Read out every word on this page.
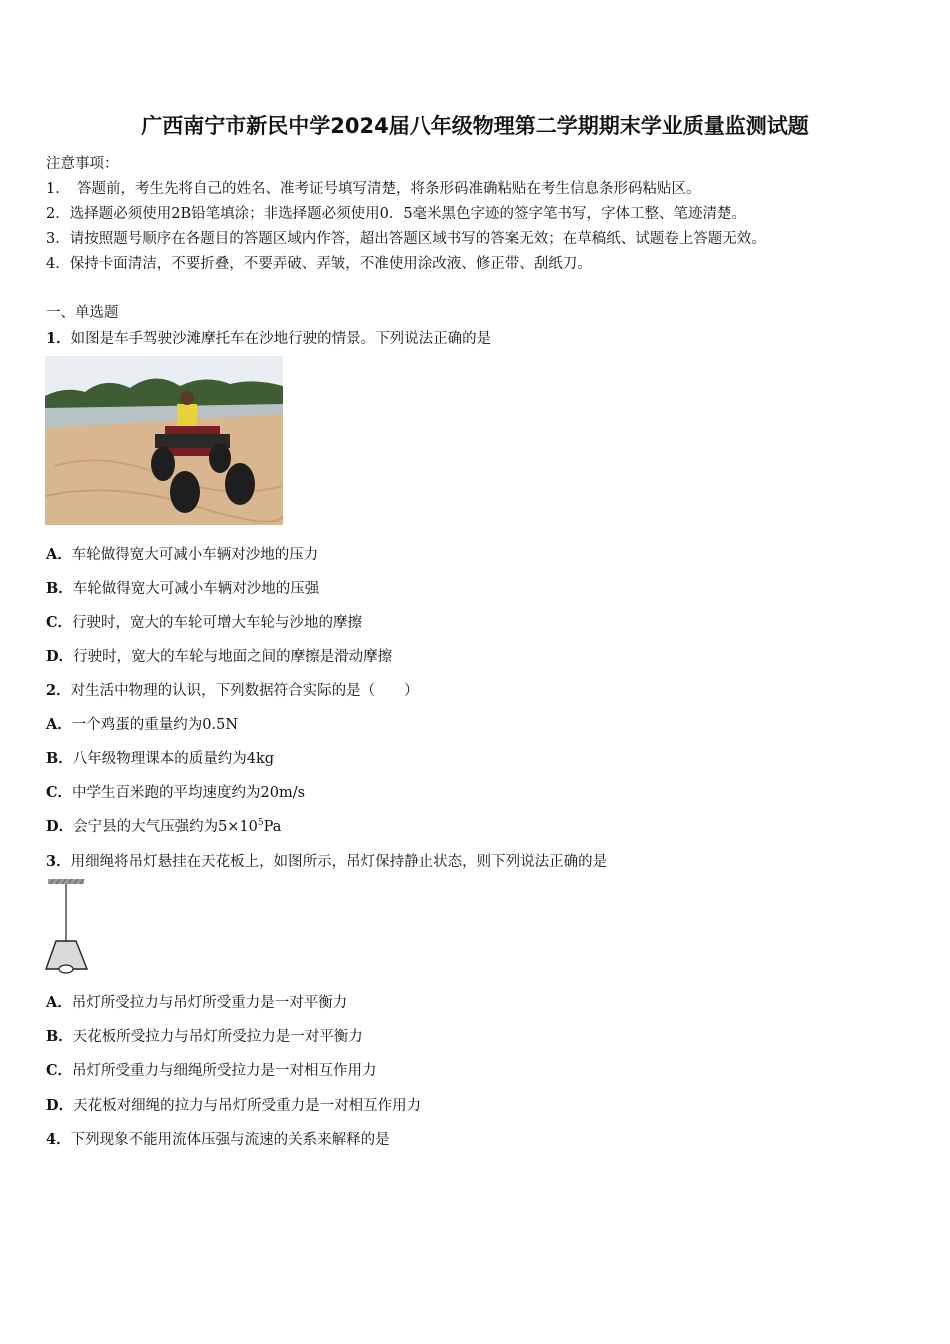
广西南宁市新民中学2024届八年级物理第二学期期末学业质量监测试题
注意事项：
1．　答题前，考生先将自己的姓名、准考证号填写清楚，将条形码准确粘贴在考生信息条形码粘贴区。
2．选择题必须使用2B铅笔填涂；非选择题必须使用0．5毫米黑色字迹的签字笔书写，字体工整、笔迹清楚。
3．请按照题号顺序在各题目的答题区域内作答，超出答题区域书写的答案无效；在草稿纸、试题卷上答题无效。
4．保持卡面清洁，不要折叠，不要弄破、弄皱，不准使用涂改液、修正带、刮纸刀。
一、单选题
1．如图是车手驾驶沙滩摩托车在沙地行驶的情景。下列说法正确的是
A．车轮做得宽大可减小车辆对沙地的压力
B．车轮做得宽大可减小车辆对沙地的压强
C．行驶时，宽大的车轮可增大车轮与沙地的摩擦
D．行驶时，宽大的车轮与地面之间的摩擦是滑动摩擦
2．对生活中物理的认识，下列数据符合实际的是（　　）
A．一个鸡蛋的重量约为0.5N
B．八年级物理课本的质量约为4kg
C．中学生百米跑的平均速度约为20m/s
D．会宁县的大气压强约为$5\times 10^5Pa$
3．用细绳将吊灯悬挂在天花板上，如图所示，吊灯保持静止状态，则下列说法正确的是
A．吊灯所受拉力与吊灯所受重力是一对平衡力
B．天花板所受拉力与吊灯所受拉力是一对平衡力
C．吊灯所受重力与细绳所受拉力是一对相互作用力
D．天花板对细绳的拉力与吊灯所受重力是一对相互作用力
4．下列现象不能用流体压强与流速的关系来解释的是
